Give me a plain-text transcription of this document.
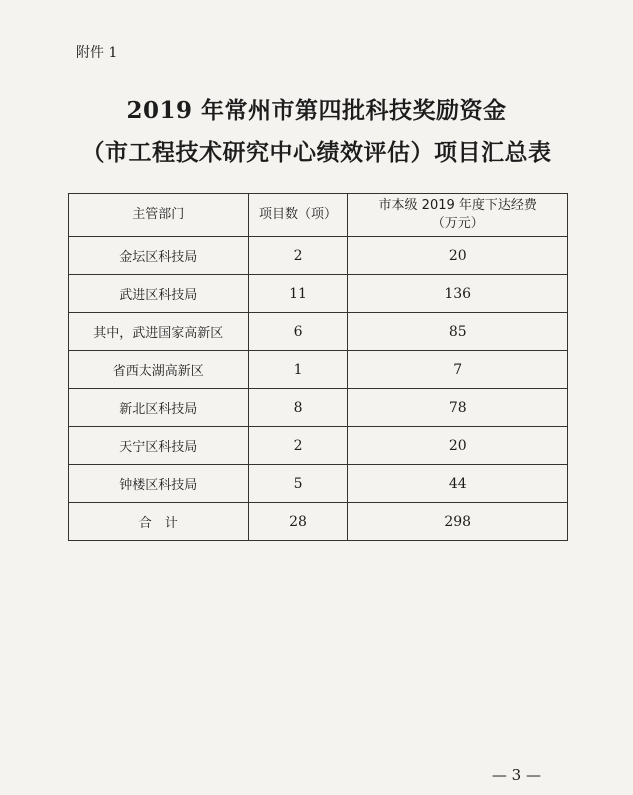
附件 1
2019 年常州市第四批科技奖励资金
（市工程技术研究中心绩效评估）项目汇总表
主管部门	项目数（项）	市本级 2019 年度下达经费
（万元）

金坛区科技局	2	20
武进区科技局	11	136
其中，武进国家高新区	6	85
省西太湖高新区	1	7
新北区科技局	8	78
天宁区科技局	2	20
钟楼区科技局	5	44
合　计	28	298
— 3 —
